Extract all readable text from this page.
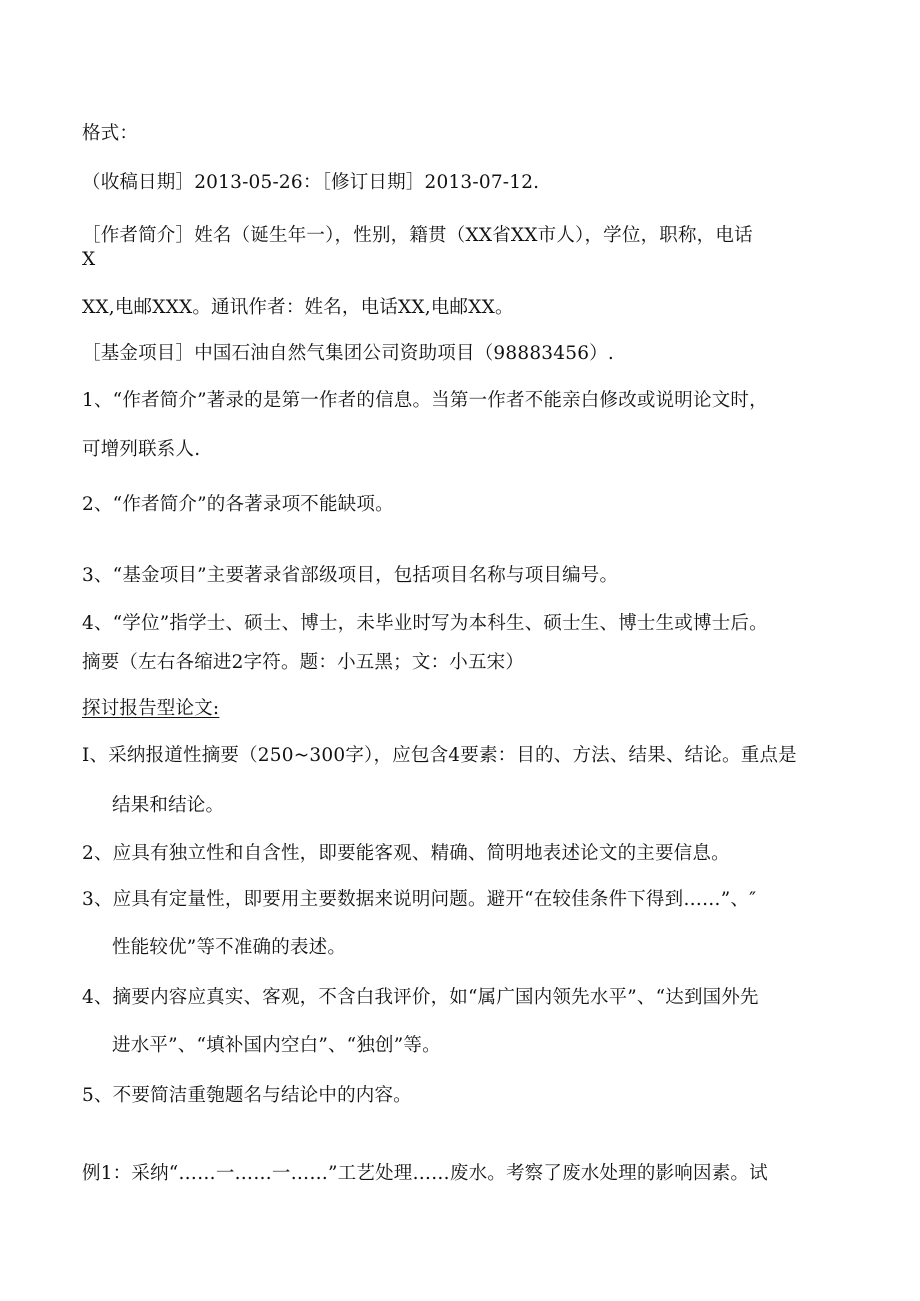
格式：
（收稿日期］2013-05-26：［修订日期］2013-07-12.
［作者简介］姓名（诞生年一），性别，籍贯（XX省XX市人），学位，职称，电话
X
XX,电邮XXX。通讯作者：姓名，电话XX,电邮XX。
［基金项目］中国石油自然气集团公司资助项目（98883456）.
1、“作者简介”著录的是第一作者的信息。当第一作者不能亲白修改或说明论文时，
可增列联系人.
2、“作者简介”的各著录项不能缺项。
3、“基金项目”主要著录省部级项目，包括项目名称与项目编号。
4、“学位”指学士、硕士、博士，未毕业时写为本科生、硕士生、博士生或博士后。
摘要（左右各缩进2字符。题：小五黑；文：小五宋）
探讨报告型论文:
I、采纳报道性摘要（250~300字），应包含4要素：目的、方法、结果、结论。重点是
结果和结论。
2、应具有独立性和自含性，即要能客观、精确、简明地表述论文的主要信息。
3、应具有定量性，即要用主要数据来说明问题。避开“在较佳条件下得到……”、″
性能较优”等不准确的表述。
4、摘要内容应真实、客观，不含白我评价，如“属广国内领先水平”、“达到国外先
进水平”、“填补国内空白”、“独创”等。
5、不要简洁重匏题名与结论中的内容。
例1：采纳“……一……一……”工艺处理……废水。考察了废水处理的影响因素。试
